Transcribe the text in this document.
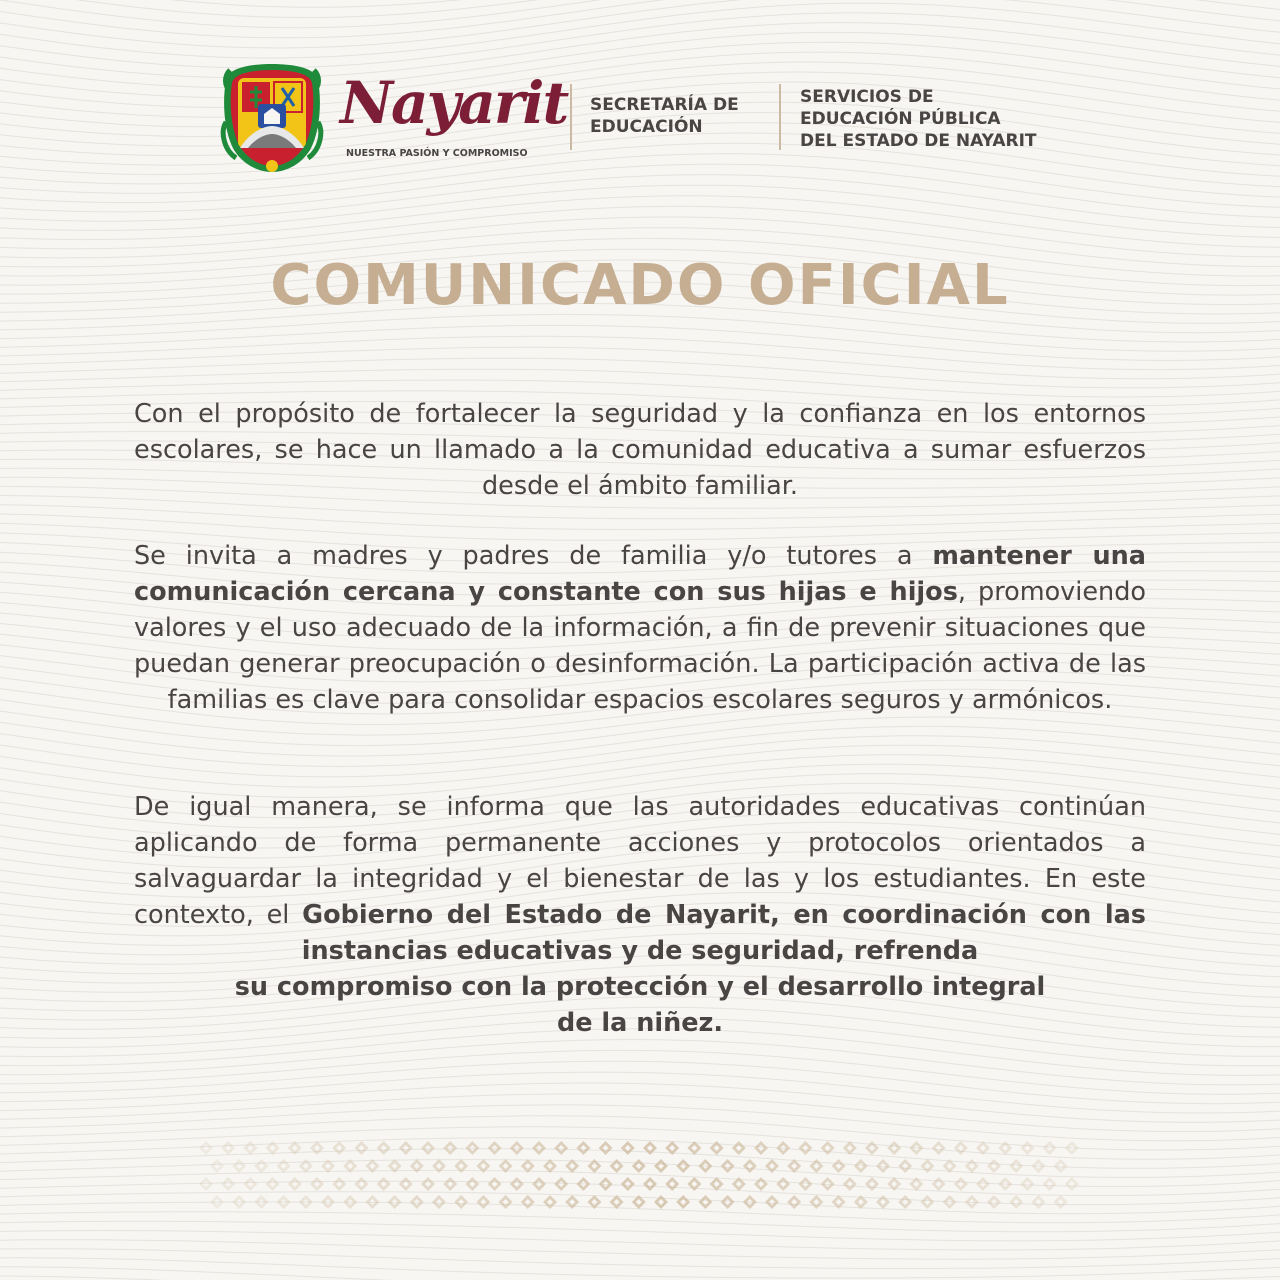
Nayarit
NUESTRA PASIÓN Y COMPROMISO
SECRETARÍA DE
EDUCACIÓN
SERVICIOS DE
EDUCACIÓN PÚBLICA
DEL ESTADO DE NAYARIT
COMUNICADO OFICIAL

Con el propósito de fortalecer la seguridad y la confianza en los entornos escolares, se hace un llamado a la comunidad educativa a sumar esfuerzos desde el ámbito familiar.

Se invita a madres y padres de familia y/o tutores a mantener una comunicación cercana y constante con sus hijas e hijos, promoviendo valores y el uso adecuado de la información, a fin de prevenir situaciones que puedan generar preocupación o desinformación. La participación activa de las familias es clave para consolidar espacios escolares seguros y armónicos.

De igual manera, se informa que las autoridades educativas continúan aplicando de forma permanente acciones y protocolos orientados a salvaguardar la integridad y el bienestar de las y los estudiantes. En este contexto, el Gobierno del Estado de Nayarit, en coordinación con las instancias educativas y de seguridad, refrenda

su compromiso con la protección y el desarrollo integral
de la niñez.
